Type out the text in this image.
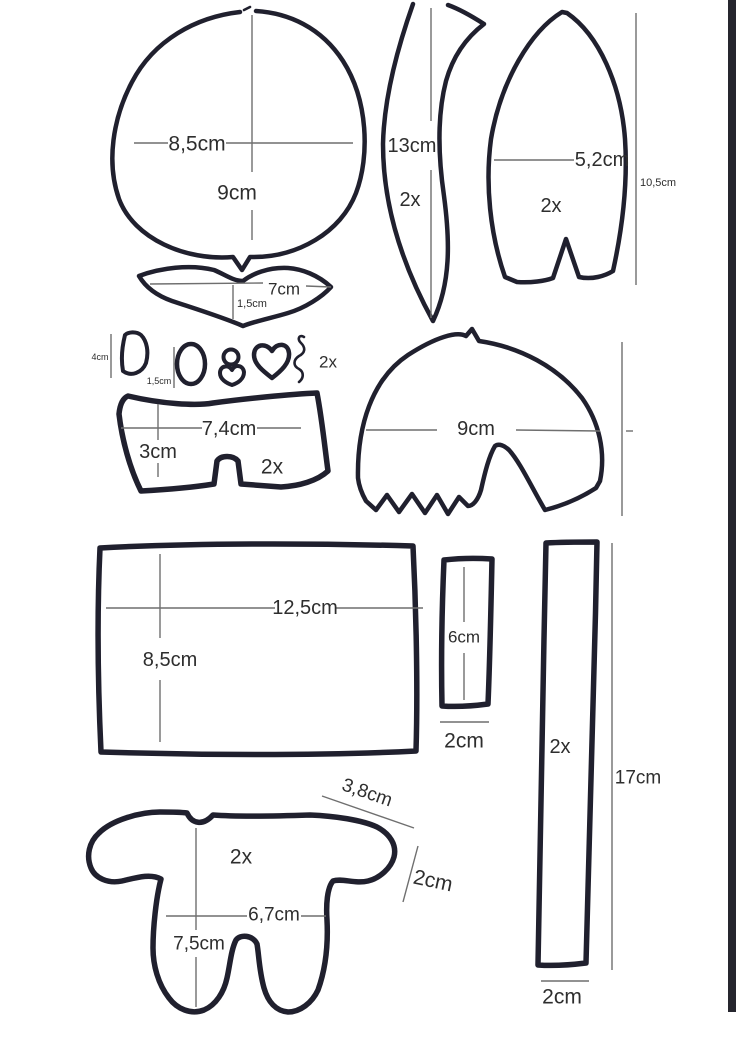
8,5cm
9cm
7cm
1,5cm
4cm
1,5cm
2x
7,4cm
3cm
2x
13cm
2x
5,2cm
2x
10,5cm
9cm
12,5cm
8,5cm
6cm
2cm	2x
17cm
2cm
2x
6,7cm
7,5cm
3,8cm
2cm
